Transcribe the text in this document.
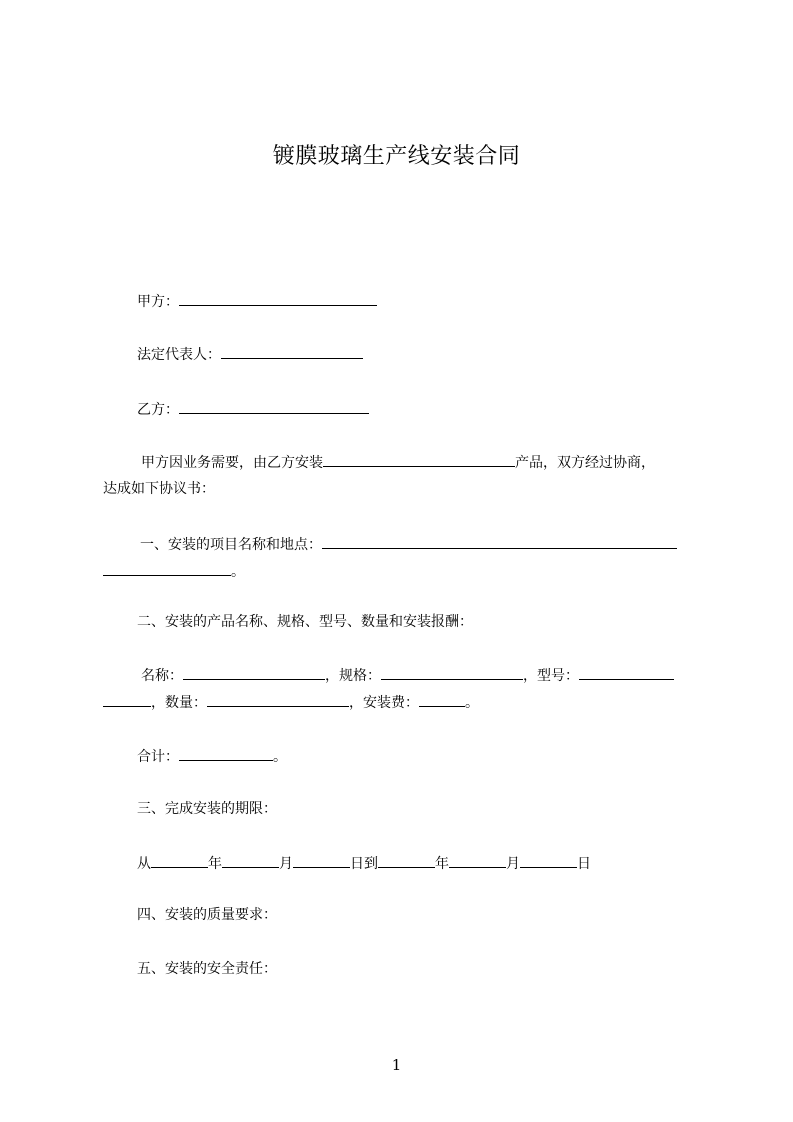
镀膜玻璃生产线安装合同
甲方：
法定代表人：
乙方：
甲方因业务需要，由乙方安装	产品，双方经过协商，
达成如下协议书：
一、安装的项目名称和地点：
。
二、安装的产品名称、规格、型号、数量和安装报酬：
名称：	，规格：	，型号：
，数量：	，安装费：	。
合计：	。
三、完成安装的期限：
从	年	月	日到	年	月	日
四、安装的质量要求：
五、安装的安全责任：
1
